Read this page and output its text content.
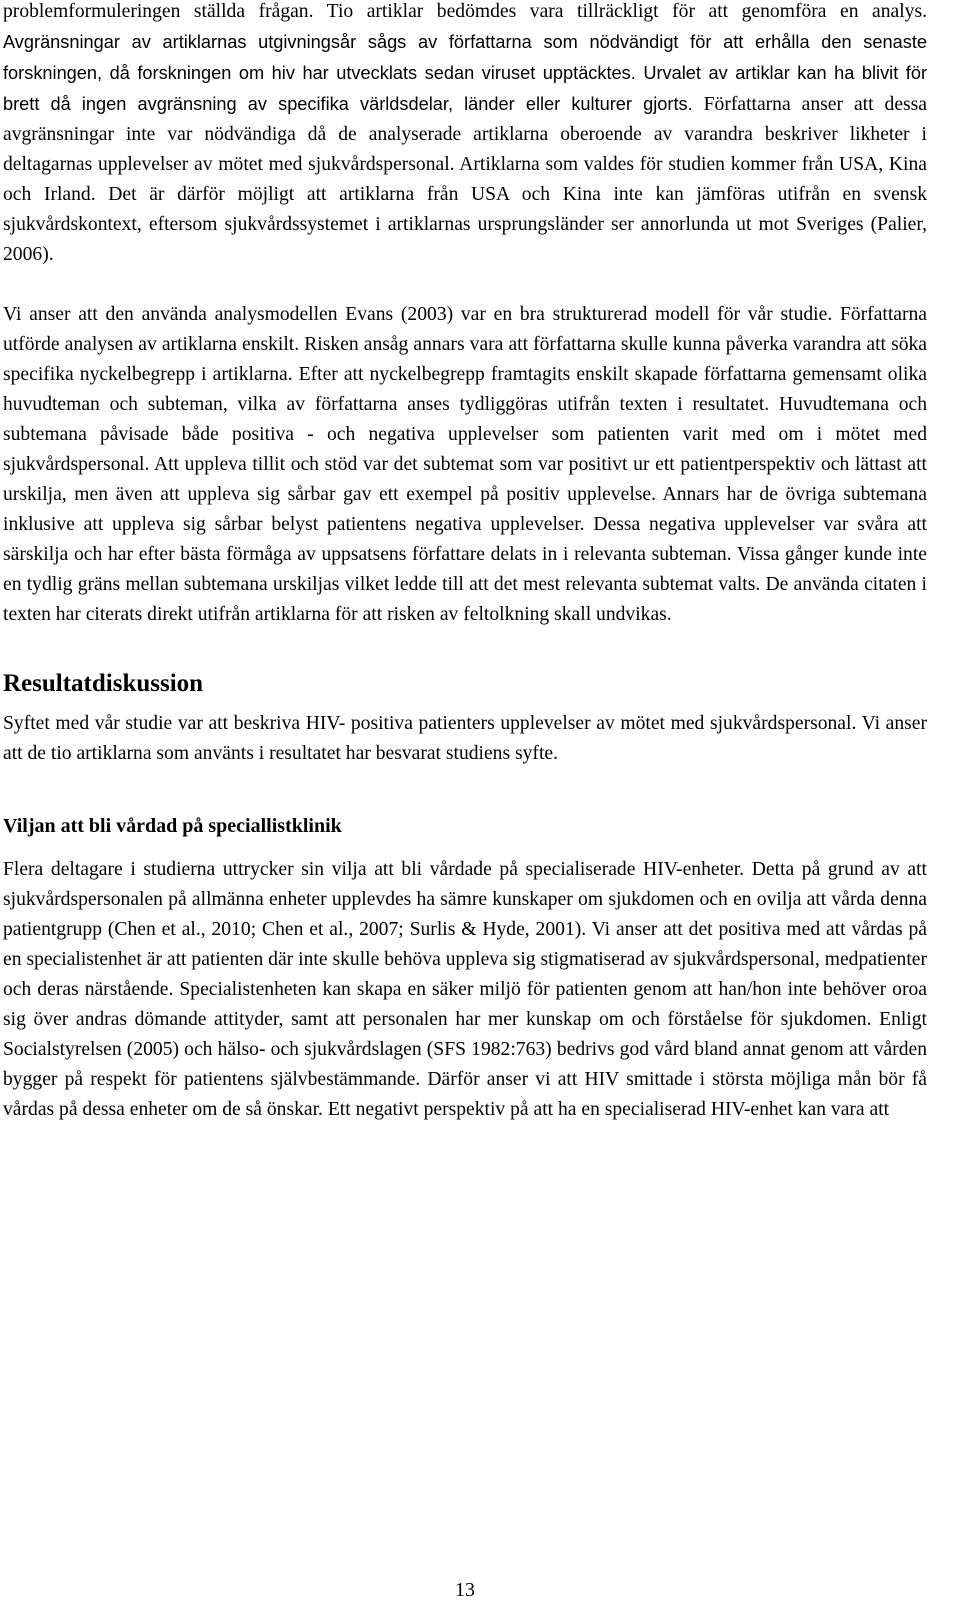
problemformuleringen ställda frågan. Tio artiklar bedömdes vara tillräckligt för att genomföra en analys. Avgränsningar av artiklarnas utgivningsår sågs av författarna som nödvändigt för att erhålla den senaste forskningen, då forskningen om hiv har utvecklats sedan viruset upptäcktes. Urvalet av artiklar kan ha blivit för brett då ingen avgränsning av specifika världsdelar, länder eller kulturer gjorts. Författarna anser att dessa avgränsningar inte var nödvändiga då de analyserade artiklarna oberoende av varandra beskriver likheter i deltagarnas upplevelser av mötet med sjukvårdspersonal. Artiklarna som valdes för studien kommer från USA, Kina och Irland. Det är därför möjligt att artiklarna från USA och Kina inte kan jämföras utifrån en svensk sjukvårdskontext, eftersom sjukvårdssystemet i artiklarnas ursprungsländer ser annorlunda ut mot Sveriges (Palier, 2006).

Vi anser att den använda analysmodellen Evans (2003) var en bra strukturerad modell för vår studie. Författarna utförde analysen av artiklarna enskilt. Risken ansåg annars vara att författarna skulle kunna påverka varandra att söka specifika nyckelbegrepp i artiklarna. Efter att nyckelbegrepp framtagits enskilt skapade författarna gemensamt olika huvudteman och subteman, vilka av författarna anses tydliggöras utifrån texten i resultatet. Huvudtemana och subtemana påvisade både positiva - och negativa upplevelser som patienten varit med om i mötet med sjukvårdspersonal. Att uppleva tillit och stöd var det subtemat som var positivt ur ett patientperspektiv och lättast att urskilja, men även att uppleva sig sårbar gav ett exempel på positiv upplevelse. Annars har de övriga subtemana inklusive att uppleva sig sårbar belyst patientens negativa upplevelser. Dessa negativa upplevelser var svåra att särskilja och har efter bästa förmåga av uppsatsens författare delats in i relevanta subteman. Vissa gånger kunde inte en tydlig gräns mellan subtemana urskiljas vilket ledde till att det mest relevanta subtemat valts. De använda citaten i texten har citerats direkt utifrån artiklarna för att risken av feltolkning skall undvikas.

Resultatdiskussion

Syftet med vår studie var att beskriva HIV- positiva patienters upplevelser av mötet med sjukvårdspersonal. Vi anser att de tio artiklarna som använts i resultatet har besvarat studiens syfte.

Viljan att bli vårdad på speciallistklinik

Flera deltagare i studierna uttrycker sin vilja att bli vårdade på specialiserade HIV-enheter. Detta på grund av att sjukvårdspersonalen på allmänna enheter upplevdes ha sämre kunskaper om sjukdomen och en ovilja att vårda denna patientgrupp (Chen et al., 2010; Chen et al., 2007; Surlis & Hyde, 2001). Vi anser att det positiva med att vårdas på en specialistenhet är att patienten där inte skulle behöva uppleva sig stigmatiserad av sjukvårdspersonal, medpatienter och deras närstående. Specialistenheten kan skapa en säker miljö för patienten genom att han/hon inte behöver oroa sig över andras dömande attityder, samt att personalen har mer kunskap om och förståelse för sjukdomen. Enligt Socialstyrelsen (2005) och hälso- och sjukvårdslagen (SFS 1982:763) bedrivs god vård bland annat genom att vården bygger på respekt för patientens självbestämmande. Därför anser vi att HIV smittade i största möjliga mån bör få vårdas på dessa enheter om de så önskar. Ett negativt perspektiv på att ha en specialiserad HIV-enhet kan vara att

13
